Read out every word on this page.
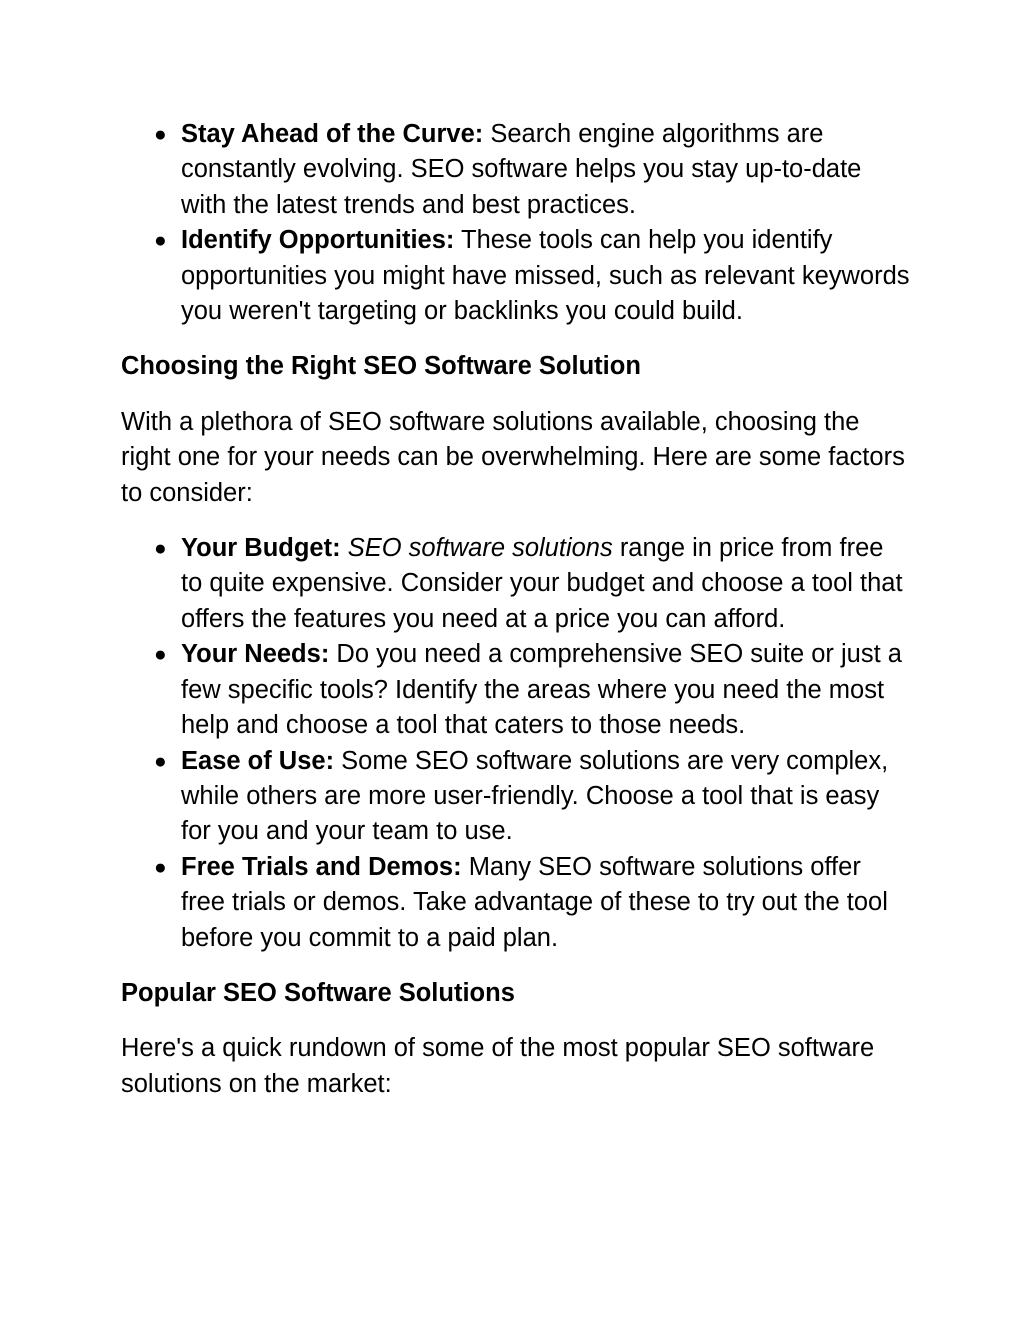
● Stay Ahead of the Curve: Search engine algorithms are constantly evolving. SEO software helps you stay up-to-date with the latest trends and best practices.
● Identify Opportunities: These tools can help you identify opportunities you might have missed, such as relevant keywords you weren't targeting or backlinks you could build.
Choosing the Right SEO Software Solution

With a plethora of SEO software solutions available, choosing the right one for your needs can be overwhelming. Here are some factors to consider:

● Your Budget: SEO software solutions range in price from free to quite expensive. Consider your budget and choose a tool that offers the features you need at a price you can afford.
● Your Needs: Do you need a comprehensive SEO suite or just a few specific tools? Identify the areas where you need the most help and choose a tool that caters to those needs.
● Ease of Use: Some SEO software solutions are very complex, while others are more user-friendly. Choose a tool that is easy for you and your team to use.
● Free Trials and Demos: Many SEO software solutions offer free trials or demos. Take advantage of these to try out the tool before you commit to a paid plan.
Popular SEO Software Solutions

Here's a quick rundown of some of the most popular SEO software solutions on the market:
